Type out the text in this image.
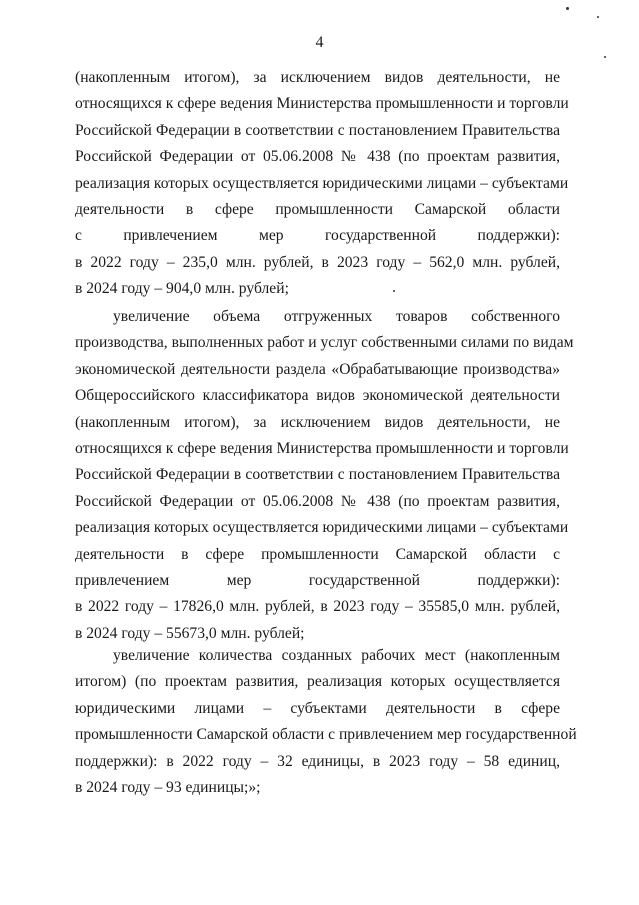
4
(накопленным итогом), за исключением видов деятельности, не
относящихся к сфере ведения Министерства промышленности и торговли
Российской Федерации в соответствии с постановлением Правительства
Российской Федерации от 05.06.2008 № 438 (по проектам развития,
реализация которых осуществляется юридическими лицами – субъектами
деятельности в сфере промышленности Самарской области
с привлечением мер государственной поддержки):
в 2022 году – 235,0 млн. рублей, в 2023 году – 562,0 млн. рублей,
в 2024 году – 904,0 млн. рублей;
увеличение объема отгруженных товаров собственного
производства, выполненных работ и услуг собственными силами по видам
экономической деятельности раздела «Обрабатывающие производства»
Общероссийского классификатора видов экономической деятельности
(накопленным итогом), за исключением видов деятельности, не
относящихся к сфере ведения Министерства промышленности и торговли
Российской Федерации в соответствии с постановлением Правительства
Российской Федерации от 05.06.2008 № 438 (по проектам развития,
реализация которых осуществляется юридическими лицами – субъектами
деятельности в сфере промышленности Самарской области с
привлечением мер государственной поддержки):
в 2022 году – 17826,0 млн. рублей, в 2023 году – 35585,0 млн. рублей,
в 2024 году – 55673,0 млн. рублей;
увеличение количества созданных рабочих мест (накопленным
итогом) (по проектам развития, реализация которых осуществляется
юридическими лицами – субъектами деятельности в сфере
промышленности Самарской области с привлечением мер государственной
поддержки): в 2022 году – 32 единицы, в 2023 году – 58 единиц,
в 2024 году – 93 единицы;»;
